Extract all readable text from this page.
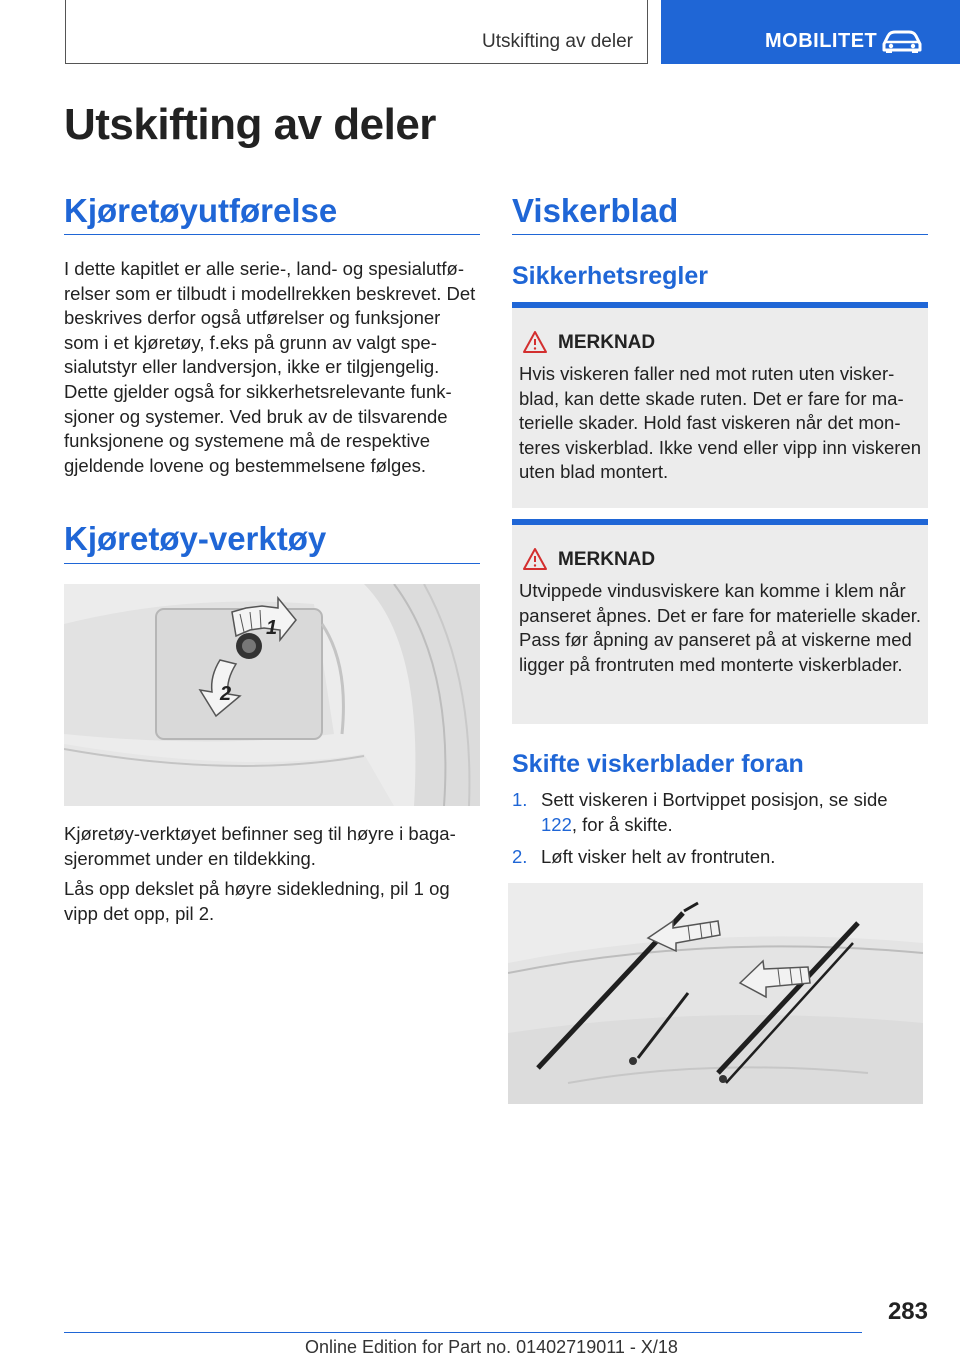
Utskifting av deler	MOBILITET
Utskifting av deler
Kjøretøyutførelse

I dette kapitlet er alle serie-, land- og spesialutførelser som er tilbudt i modellrekken beskrevet. Det beskrives derfor også utførelser og funksjoner som i et kjøretøy, f.eks på grunn av valgt spesialutstyr eller landversjon, ikke er tilgjengelig. Dette gjelder også for sikkerhetsrelevante funksjoner og systemer. Ved bruk av de tilsvarende funksjonene og systemene må de respektive gjeldende lovene og bestemmelsene følges.

Kjøretøy-verktøy
1
2

Kjøretøy-verktøyet befinner seg til høyre i bagasjerommet under en tildekking.

Lås opp dekslet på høyre sidekledning, pil 1 og vipp det opp, pil 2.

Viskerblad
Sikkerhetsregler
MERKNAD

Hvis viskeren faller ned mot ruten uten viskerblad, kan dette skade ruten. Det er fare for materielle skader. Hold fast viskeren når det monteres viskerblad. Ikke vend eller vipp inn viskeren uten blad montert.

MERKNAD

Utvippede vindusviskere kan komme i klem når panseret åpnes. Det er fare for materielle skader. Pass før åpning av panseret på at viskerne med ligger på frontruten med monterte viskerblader.

Skifte viskerblader foran
1. Sett viskeren i Bortvippet posisjon, se side 122, for å skifte.
2. Løft visker helt av frontruten.
283
Online Edition for Part no. 01402719011 - X/18
